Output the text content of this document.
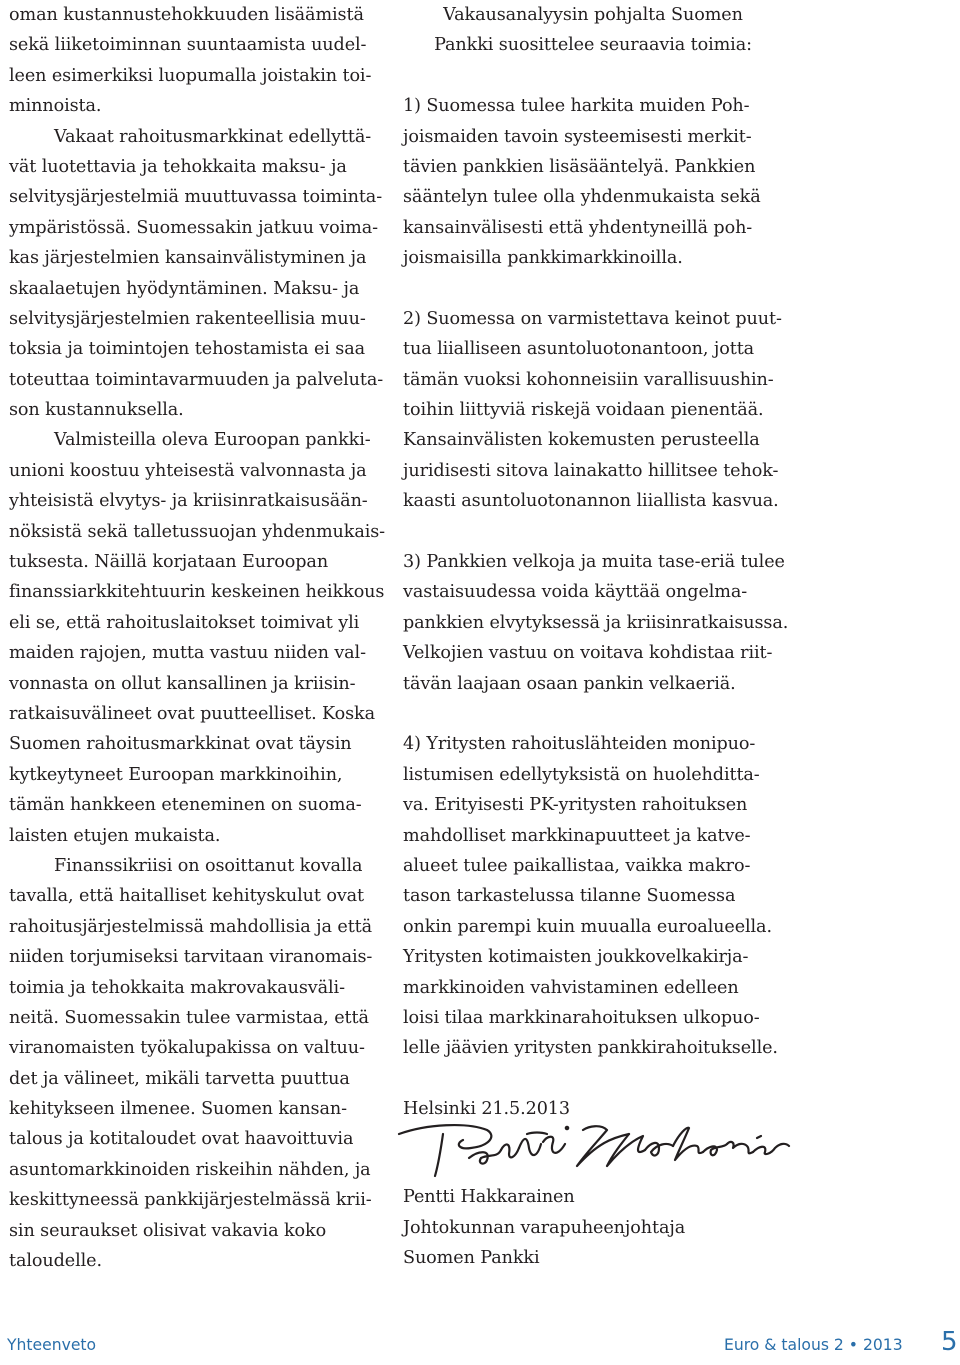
oman kustannustehokkuuden lisäämistä
sekä liiketoiminnan suuntaamista uudel-
leen esimerkiksi luopumalla joistakin toi-
minnoista.
Vakaat rahoitusmarkkinat edellyttä-
vät luotettavia ja tehokkaita maksu- ja
selvitysjärjestelmiä muuttuvassa toiminta-
ympäristössä. Suomessakin jatkuu voima-
kas järjestelmien kansainvälistyminen ja
skaalaetujen hyödyntäminen. Maksu- ja
selvitysjärjestelmien rakenteellisia muu-
toksia ja toimintojen tehostamista ei saa
toteuttaa toimintavarmuuden ja palveluta-
son kustannuksella.
Valmisteilla oleva Euroopan pankki-
unioni koostuu yhteisestä valvonnasta ja
yhteisistä elvytys- ja kriisinratkaisusään-
nöksistä sekä talletussuojan yhdenmukais-
tuksesta. Näillä korjataan Euroopan
finanssiarkkitehtuurin keskeinen heikkous
eli se, että rahoituslaitokset toimivat yli
maiden rajojen, mutta vastuu niiden val-
vonnasta on ollut kansallinen ja kriisin-
ratkaisuvälineet ovat puutteelliset. Koska
Suomen rahoitusmarkkinat ovat täysin
kytkeytyneet Euroopan markkinoihin,
tämän hankkeen eteneminen on suoma-
laisten etujen mukaista.
Finanssikriisi on osoittanut kovalla
tavalla, että haitalliset kehityskulut ovat
rahoitusjärjestelmissä mahdollisia ja että
niiden torjumiseksi tarvitaan viranomais-
toimia ja tehokkaita makrovakausväli-
neitä. Suomessakin tulee varmistaa, että
viranomaisten työkalupakissa on valtuu-
det ja välineet, mikäli tarvetta puuttua
kehitykseen ilmenee. Suomen kansan-
talous ja kotitaloudet ovat haavoittuvia
asuntomarkkinoiden riskeihin nähden, ja
keskittyneessä pankkijärjestelmässä krii-
sin seuraukset olisivat vakavia koko
taloudelle.
Vakausanalyysin pohjalta Suomen
Pankki suosittelee seuraavia toimia:
1) Suomessa tulee harkita muiden Poh-
joismaiden tavoin systeemisesti merkit-
tävien pankkien lisäsääntelyä. Pankkien
sääntelyn tulee olla yhdenmukaista sekä
kansainvälisesti että yhdentyneillä poh-
joismaisilla pankkimarkkinoilla.
2) Suomessa on varmistettava keinot puut-
tua liialliseen asuntoluotonantoon, jotta
tämän vuoksi kohonneisiin varallisuushin-
toihin liittyviä riskejä voidaan pienentää.
Kansainvälisten kokemusten perusteella
juridisesti sitova lainakatto hillitsee tehok-
kaasti asuntoluotonannon liiallista kasvua.
3) Pankkien velkoja ja muita tase-eriä tulee
vastaisuudessa voida käyttää ongelma-
pankkien elvytyksessä ja kriisinratkaisussa.
Velkojien vastuu on voitava kohdistaa riit-
tävän laajaan osaan pankin velkaeriä.
4) Yritysten rahoituslähteiden monipuo-
listumisen edellytyksistä on huolehditta-
va. Erityisesti PK-yritysten rahoituksen
mahdolliset markkinapuutteet ja katve-
alueet tulee paikallistaa, vaikka makro-
tason tarkastelussa tilanne Suomessa
onkin parempi kuin muualla euroalueella.
Yritysten kotimaisten joukkovelkakirja-
markkinoiden vahvistaminen edelleen
loisi tilaa markkinarahoituksen ulkopuo-
lelle jäävien yritysten pankkirahoitukselle.
Helsinki 21.5.2013
Pentti Hakkarainen
Johtokunnan varapuheenjohtaja
Suomen Pankki
Yhteenveto	Euro & talous 2 • 2013 5
